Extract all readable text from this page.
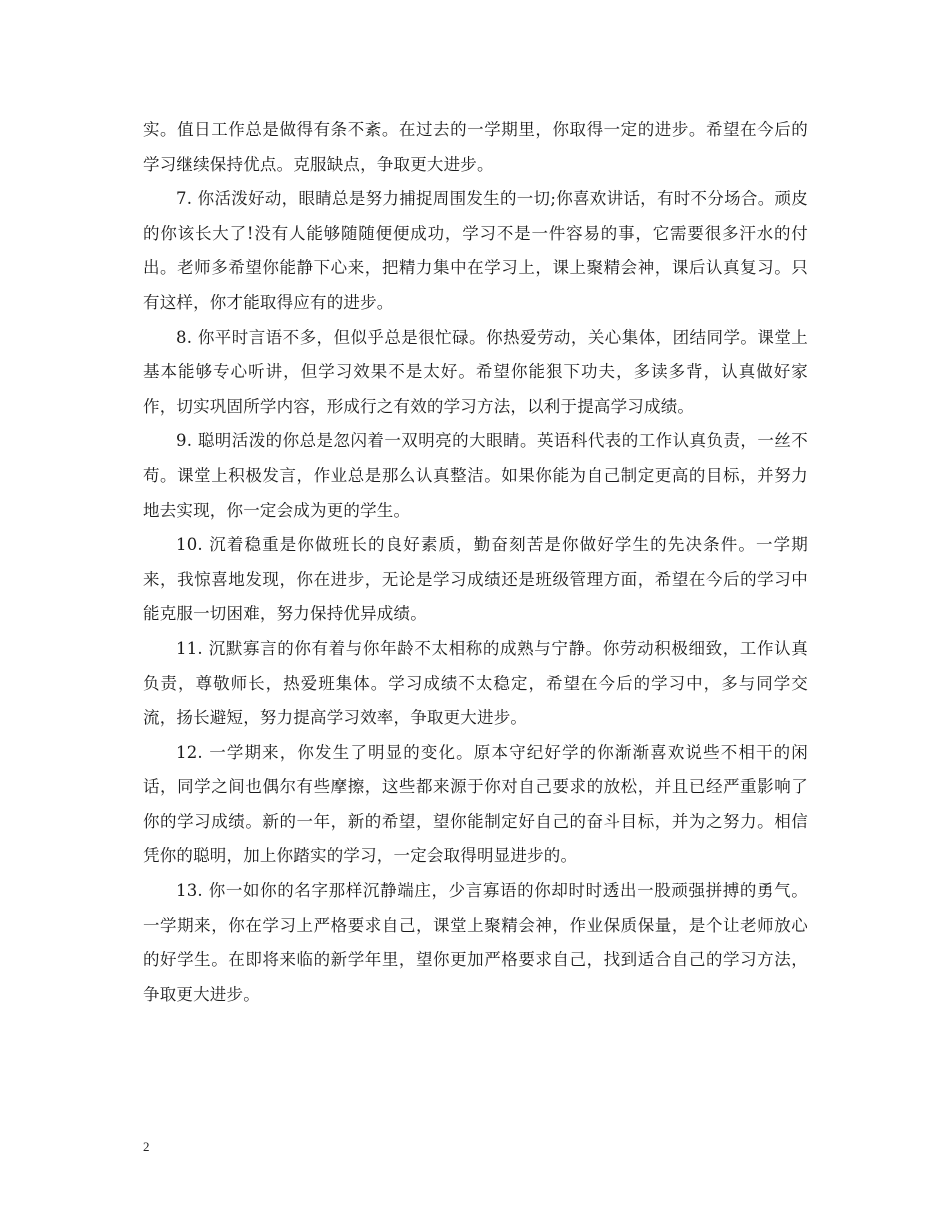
实。值日工作总是做得有条不紊。在过去的一学期里，你取得一定的进步。希望在今后的学习继续保持优点。克服缺点，争取更大进步。

7. 你活泼好动，眼睛总是努力捕捉周围发生的一切;你喜欢讲话，有时不分场合。顽皮的你该长大了!没有人能够随随便便成功，学习不是一件容易的事，它需要很多汗水的付出。老师多希望你能静下心来，把精力集中在学习上，课上聚精会神，课后认真复习。只有这样，你才能取得应有的进步。

8. 你平时言语不多，但似乎总是很忙碌。你热爱劳动，关心集体，团结同学。课堂上基本能够专心听讲，但学习效果不是太好。希望你能狠下功夫，多读多背，认真做好家作，切实巩固所学内容，形成行之有效的学习方法，以利于提高学习成绩。

9. 聪明活泼的你总是忽闪着一双明亮的大眼睛。英语科代表的工作认真负责，一丝不苟。课堂上积极发言，作业总是那么认真整洁。如果你能为自己制定更高的目标，并努力地去实现，你一定会成为更的学生。

10. 沉着稳重是你做班长的良好素质，勤奋刻苦是你做好学生的先决条件。一学期来，我惊喜地发现，你在进步，无论是学习成绩还是班级管理方面，希望在今后的学习中能克服一切困难，努力保持优异成绩。

11. 沉默寡言的你有着与你年龄不太相称的成熟与宁静。你劳动积极细致，工作认真负责，尊敬师长，热爱班集体。学习成绩不太稳定，希望在今后的学习中，多与同学交流，扬长避短，努力提高学习效率，争取更大进步。

12. 一学期来，你发生了明显的变化。原本守纪好学的你渐渐喜欢说些不相干的闲话，同学之间也偶尔有些摩擦，这些都来源于你对自己要求的放松，并且已经严重影响了你的学习成绩。新的一年，新的希望，望你能制定好自己的奋斗目标，并为之努力。相信凭你的聪明，加上你踏实的学习，一定会取得明显进步的。

13. 你一如你的名字那样沉静端庄，少言寡语的你却时时透出一股顽强拼搏的勇气。一学期来，你在学习上严格要求自己，课堂上聚精会神，作业保质保量，是个让老师放心的好学生。在即将来临的新学年里，望你更加严格要求自己，找到适合自己的学习方法，争取更大进步。

2
